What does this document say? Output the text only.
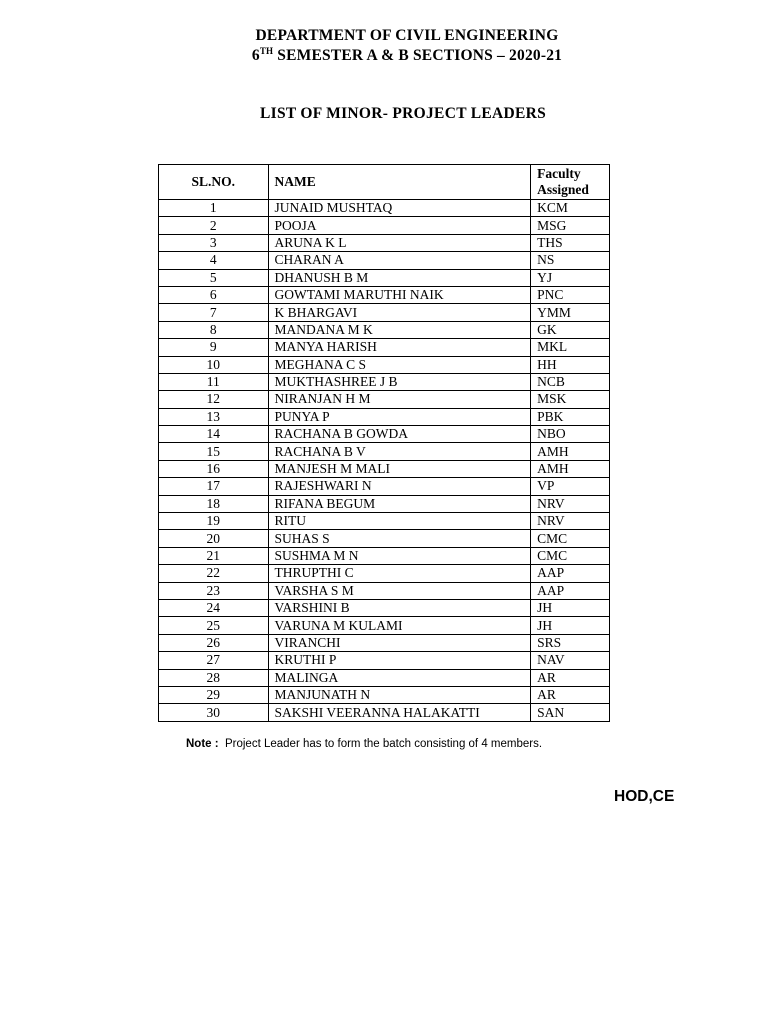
DEPARTMENT OF CIVIL ENGINEERING
6TH SEMESTER A & B SECTIONS – 2020-21
LIST OF MINOR- PROJECT LEADERS
SL.NO.	NAME	Faculty
Assigned
1	JUNAID MUSHTAQ	KCM
2	POOJA	MSG
3	ARUNA K L	THS
4	CHARAN A	NS
5	DHANUSH B M	YJ
6	GOWTAMI MARUTHI NAIK	PNC
7	K BHARGAVI	YMM
8	MANDANA M K	GK
9	MANYA HARISH	MKL
10	MEGHANA C S	HH
11	MUKTHASHREE J B	NCB
12	NIRANJAN H M	MSK
13	PUNYA P	PBK
14	RACHANA B GOWDA	NBO
15	RACHANA B V	AMH
16	MANJESH M MALI	AMH
17	RAJESHWARI N	VP
18	RIFANA BEGUM	NRV
19	RITU	NRV
20	SUHAS S	CMC
21	SUSHMA M N	CMC
22	THRUPTHI C	AAP
23	VARSHA S M	AAP
24	VARSHINI B	JH
25	VARUNA M KULAMI	JH
26	VIRANCHI	SRS
27	KRUTHI P	NAV
28	MALINGA	AR
29	MANJUNATH N	AR
30	SAKSHI VEERANNA HALAKATTI	SAN
Note :  Project Leader has to form the batch consisting of 4 members.
HOD,CE
